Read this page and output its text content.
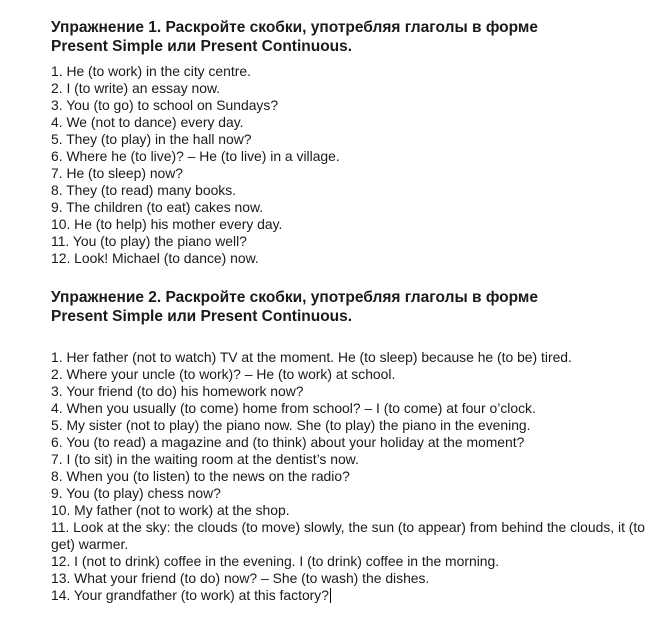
Упражнение 1. Раскройте скобки, употребляя глаголы в форме
Present Simple или Present Continuous.
1. He (to work) in the city centre.
2. I (to write) an essay now.
3. You (to go) to school on Sundays?
4. We (not to dance) every day.
5. They (to play) in the hall now?
6. Where he (to live)? – He (to live) in a village.
7. He (to sleep) now?
8. They (to read) many books.
9. The children (to eat) cakes now.
10. He (to help) his mother every day.
11. You (to play) the piano well?
12. Look! Michael (to dance) now.
Упражнение 2. Раскройте скобки, употребляя глаголы в форме
Present Simple или Present Continuous.
1. Her father (not to watch) TV at the moment. He (to sleep) because he (to be) tired.
2. Where your uncle (to work)? – He (to work) at school.
3. Your friend (to do) his homework now?
4. When you usually (to come) home from school? – I (to come) at four o’clock.
5. My sister (not to play) the piano now. She (to play) the piano in the evening.
6. You (to read) a magazine and (to think) about your holiday at the moment?
7. I (to sit) in the waiting room at the dentist’s now.
8. When you (to listen) to the news on the radio?
9. You (to play) chess now?
10. My father (not to work) at the shop.
11. Look at the sky: the clouds (to move) slowly, the sun (to appear) from behind the clouds, it (to get) warmer.
12. I (not to drink) coffee in the evening. I (to drink) coffee in the morning.
13. What your friend (to do) now? – She (to wash) the dishes.
14. Your grandfather (to work) at this factory?
